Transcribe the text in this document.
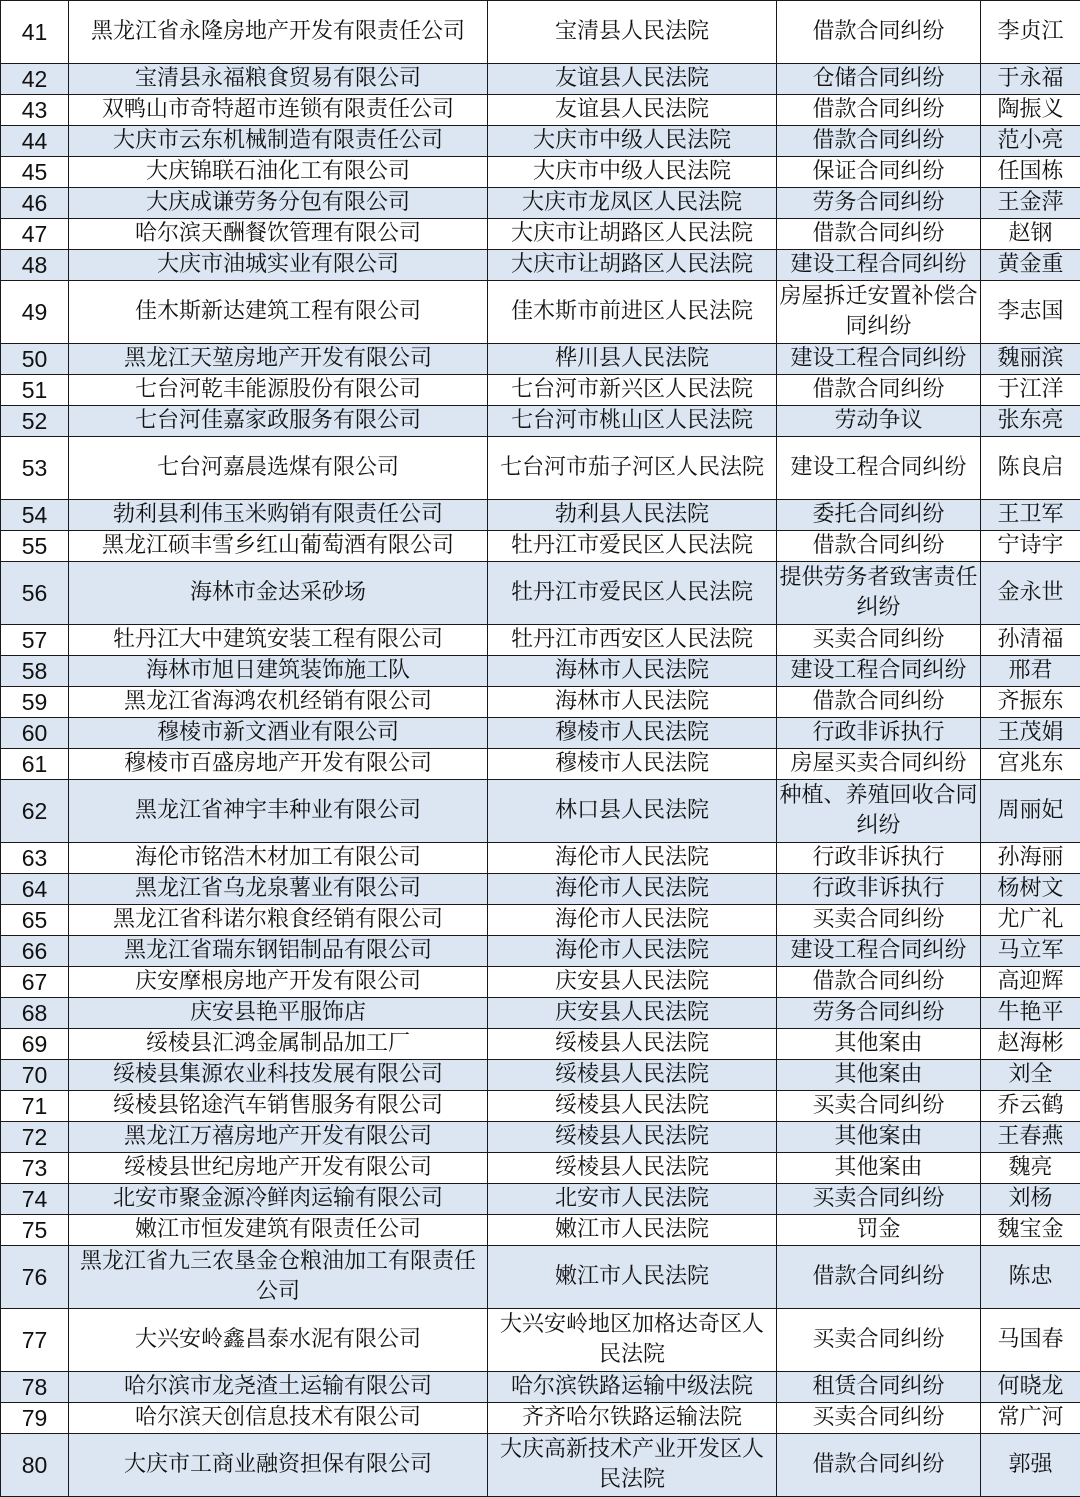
41	黑龙江省永隆房地产开发有限责任公司	宝清县人民法院	借款合同纠纷	李贞江
42	宝清县永福粮食贸易有限公司	友谊县人民法院	仓储合同纠纷	于永福
43	双鸭山市奇特超市连锁有限责任公司	友谊县人民法院	借款合同纠纷	陶振义
44	大庆市云东机械制造有限责任公司	大庆市中级人民法院	借款合同纠纷	范小亮
45	大庆锦联石油化工有限公司	大庆市中级人民法院	保证合同纠纷	任国栋
46	大庆成谦劳务分包有限公司	大庆市龙凤区人民法院	劳务合同纠纷	王金萍
47	哈尔滨天酬餐饮管理有限公司	大庆市让胡路区人民法院	借款合同纠纷	赵钢
48	大庆市油城实业有限公司	大庆市让胡路区人民法院	建设工程合同纠纷	黄金重
49	佳木斯新达建筑工程有限公司	佳木斯市前进区人民法院	房屋拆迁安置补偿合同纠纷	李志国
50	黑龙江天堃房地产开发有限公司	桦川县人民法院	建设工程合同纠纷	魏丽滨
51	七台河乾丰能源股份有限公司	七台河市新兴区人民法院	借款合同纠纷	于江洋
52	七台河佳嘉家政服务有限公司	七台河市桃山区人民法院	劳动争议	张东亮
53	七台河嘉晨选煤有限公司	七台河市茄子河区人民法院	建设工程合同纠纷	陈良启
54	勃利县利伟玉米购销有限责任公司	勃利县人民法院	委托合同纠纷	王卫军
55	黑龙江硕丰雪乡红山葡萄酒有限公司	牡丹江市爱民区人民法院	借款合同纠纷	宁诗宇
56	海林市金达采砂场	牡丹江市爱民区人民法院	提供劳务者致害责任纠纷	金永世
57	牡丹江大中建筑安装工程有限公司	牡丹江市西安区人民法院	买卖合同纠纷	孙清福
58	海林市旭日建筑装饰施工队	海林市人民法院	建设工程合同纠纷	邢君
59	黑龙江省海鸿农机经销有限公司	海林市人民法院	借款合同纠纷	齐振东
60	穆棱市新文酒业有限公司	穆棱市人民法院	行政非诉执行	王茂娟
61	穆棱市百盛房地产开发有限公司	穆棱市人民法院	房屋买卖合同纠纷	宫兆东
62	黑龙江省神宇丰种业有限公司	林口县人民法院	种植、养殖回收合同纠纷	周丽妃
63	海伦市铭浩木材加工有限公司	海伦市人民法院	行政非诉执行	孙海丽
64	黑龙江省乌龙泉薯业有限公司	海伦市人民法院	行政非诉执行	杨树文
65	黑龙江省科诺尔粮食经销有限公司	海伦市人民法院	买卖合同纠纷	尤广礼
66	黑龙江省瑞东钢铝制品有限公司	海伦市人民法院	建设工程合同纠纷	马立军
67	庆安摩根房地产开发有限公司	庆安县人民法院	借款合同纠纷	高迎辉
68	庆安县艳平服饰店	庆安县人民法院	劳务合同纠纷	牛艳平
69	绥棱县汇鸿金属制品加工厂	绥棱县人民法院	其他案由	赵海彬
70	绥棱县集源农业科技发展有限公司	绥棱县人民法院	其他案由	刘全
71	绥棱县铭途汽车销售服务有限公司	绥棱县人民法院	买卖合同纠纷	乔云鹤
72	黑龙江万禧房地产开发有限公司	绥棱县人民法院	其他案由	王春燕
73	绥棱县世纪房地产开发有限公司	绥棱县人民法院	其他案由	魏亮
74	北安市聚金源冷鲜肉运输有限公司	北安市人民法院	买卖合同纠纷	刘杨
75	嫩江市恒发建筑有限责任公司	嫩江市人民法院	罚金	魏宝金
76	黑龙江省九三农垦金仓粮油加工有限责任公司	嫩江市人民法院	借款合同纠纷	陈忠
77	大兴安岭鑫昌泰水泥有限公司	大兴安岭地区加格达奇区人民法院	买卖合同纠纷	马国春
78	哈尔滨市龙尧渣土运输有限公司	哈尔滨铁路运输中级法院	租赁合同纠纷	何晓龙
79	哈尔滨天创信息技术有限公司	齐齐哈尔铁路运输法院	买卖合同纠纷	常广河
80	大庆市工商业融资担保有限公司	大庆高新技术产业开发区人民法院	借款合同纠纷	郭强
